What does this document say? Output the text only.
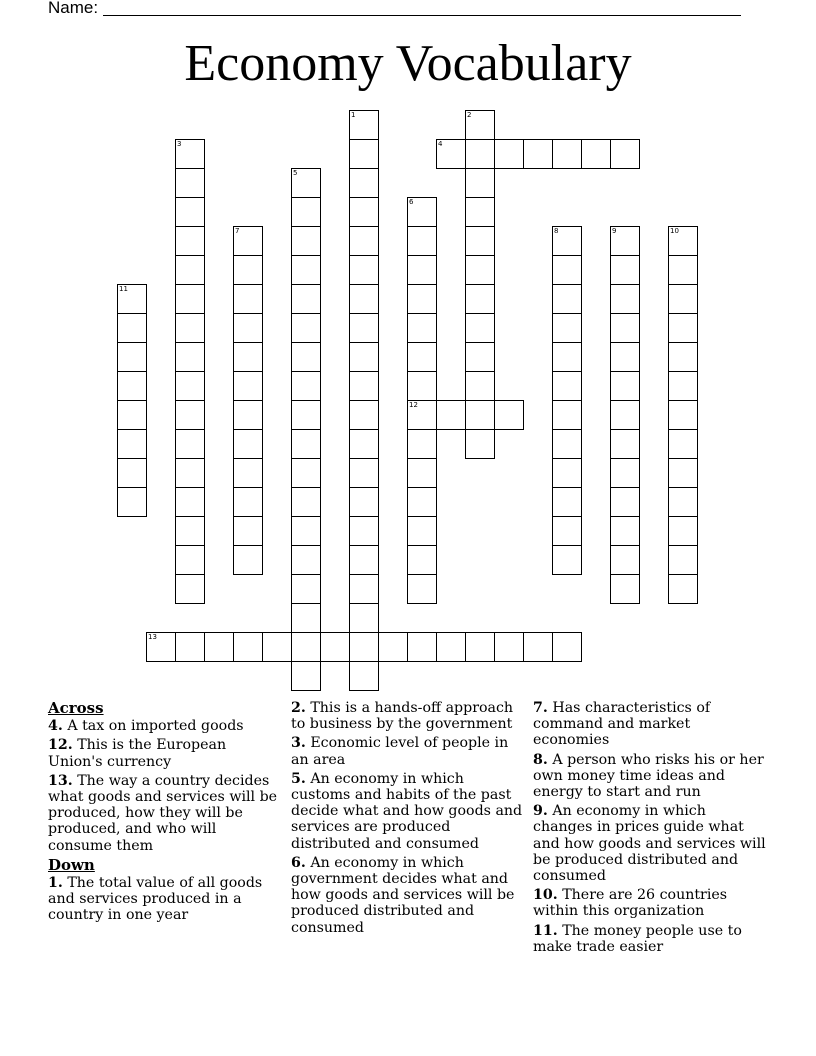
Name:
Economy Vocabulary
1	2
3	4
5
6
12
7	8	9	10
11
13

Across

4. A tax on imported goods

12. This is the European Union's currency

13. The way a country decides what goods and services will be produced, how they will be produced, and who will consume them

Down

1. The total value of all goods and services produced in a country in one year

2. This is a hands-off approach to business by the government

3. Economic level of people in an area

5. An economy in which customs and habits of the past decide what and how goods and services are produced distributed and consumed

6. An economy in which government decides what and how goods and services will be produced distributed and consumed

7. Has characteristics of command and market economies

8. A person who risks his or her own money time ideas and energy to start and run

9. An economy in which changes in prices guide what and how goods and services will be produced distributed and consumed

10. There are 26 countries within this organization

11. The money people use to make trade easier
